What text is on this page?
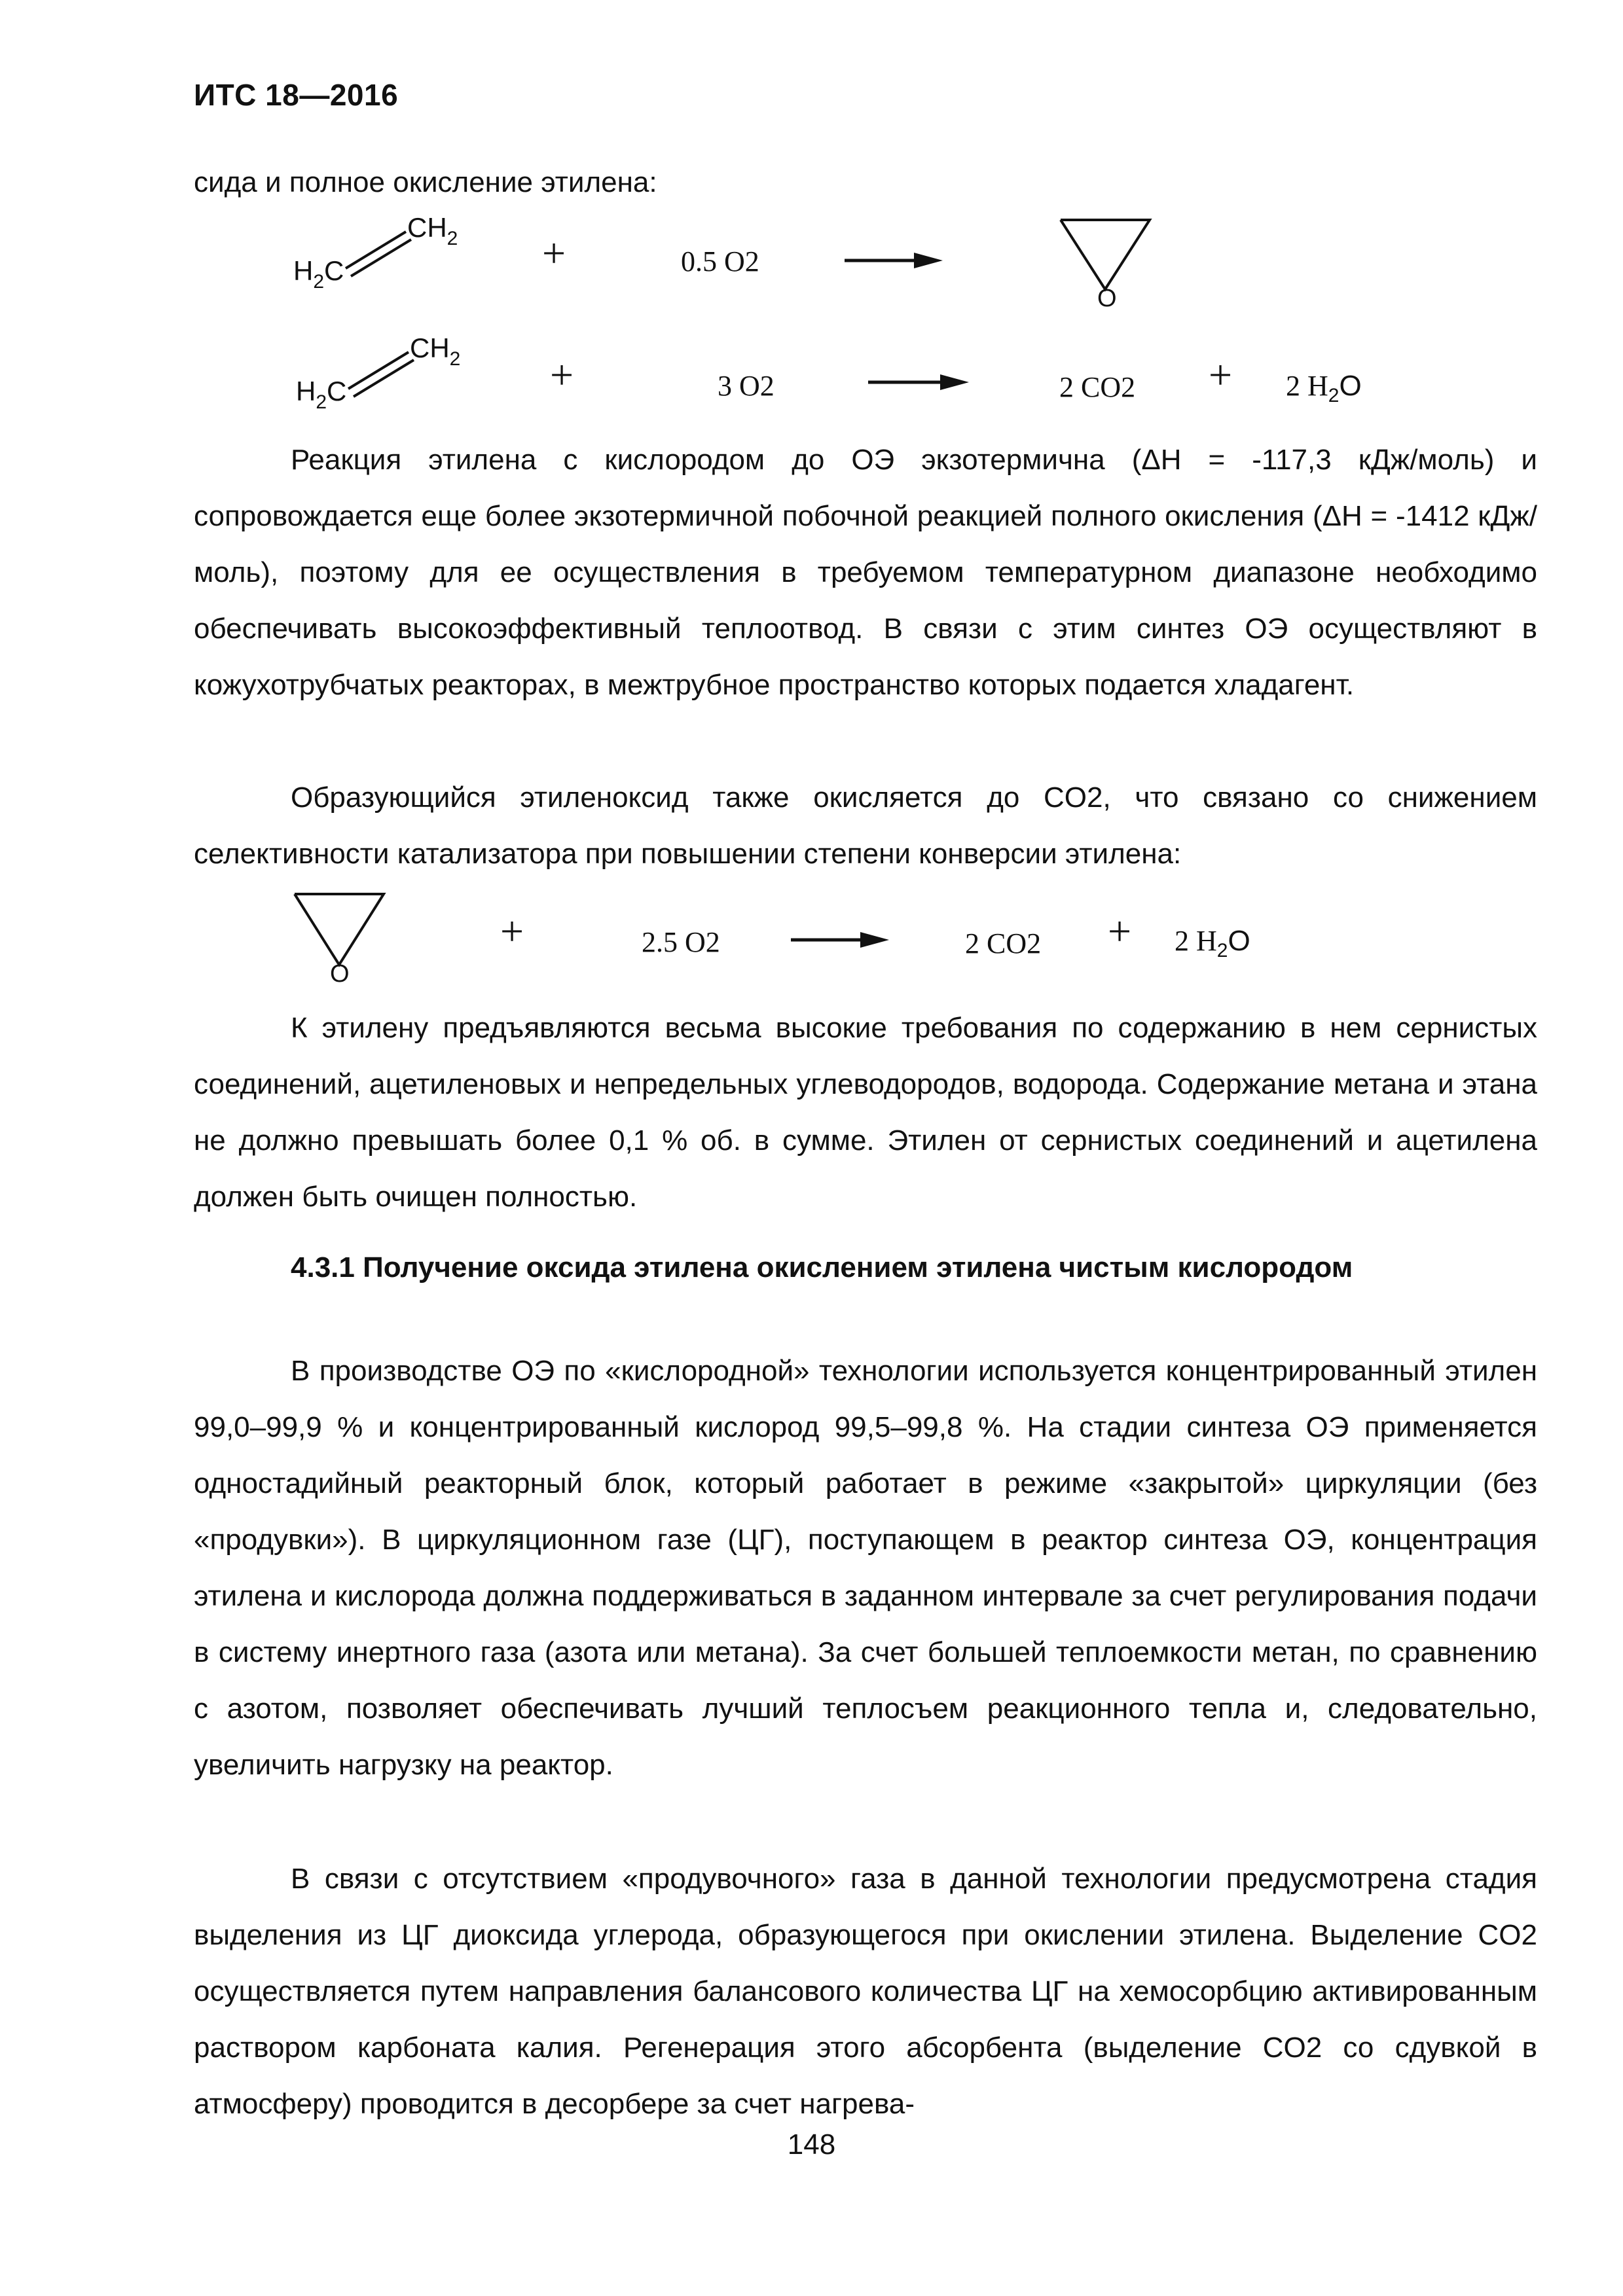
ИТС 18—2016
сида и полное окисление этилена:
$H_2C$
$CH_2$ +	0.5 O2
O
$H_2C$
$CH_2$ +	3 O2	2 CO2 + 2 $H_2O$
Реакция этилена с кислородом до ОЭ экзотермична (ΔH = -117,3 кДж/моль) и сопровождается еще более экзотермичной побочной реакцией полного окисления (ΔH = -1412 кДж/моль), поэтому для ее осуществления в требуемом температурном диапазоне необходимо обеспечивать высокоэффективный теплоотвод. В связи с этим синтез ОЭ осуществляют в кожухотрубчатых реакторах, в межтрубное пространство которых подается хладагент.
Образующийся этиленоксид также окисляется до CO2, что связано со снижением селективности катализатора при повышении степени конверсии этилена:
O
+	2.5 O2	2 CO2 + 2 $H_2O$
К этилену предъявляются весьма высокие требования по содержанию в нем сернистых соединений, ацетиленовых и непредельных углеводородов, водорода. Содержание метана и этана не должно превышать более 0,1 % об. в сумме. Этилен от сернистых соединений и ацетилена должен быть очищен полностью.
4.3.1 Получение оксида этилена окислением этилена чистым кислородом
В производстве ОЭ по «кислородной» технологии используется концентрированный этилен 99,0–99,9 % и концентрированный кислород 99,5–99,8 %. На стадии синтеза ОЭ применяется одностадийный реакторный блок, который работает в режиме «закрытой» циркуляции (без «продувки»). В циркуляционном газе (ЦГ), поступающем в реактор синтеза ОЭ, концентрация этилена и кислорода должна поддерживаться в заданном интервале за счет регулирования подачи в систему инертного газа (азота или метана). За счет большей теплоемкости метан, по сравнению с азотом, позволяет обеспечивать лучший теплосъем реакционного тепла и, следовательно, увеличить нагрузку на реактор.
В связи с отсутствием «продувочного» газа в данной технологии предусмотрена стадия выделения из ЦГ диоксида углерода, образующегося при окислении этилена. Выделение CO2 осуществляется путем направления балансового количества ЦГ на хемосорбцию активированным раствором карбоната калия. Регенерация этого абсорбента (выделение CO2 со сдувкой в атмосферу) проводится в десорбере за счет нагрева-
148
